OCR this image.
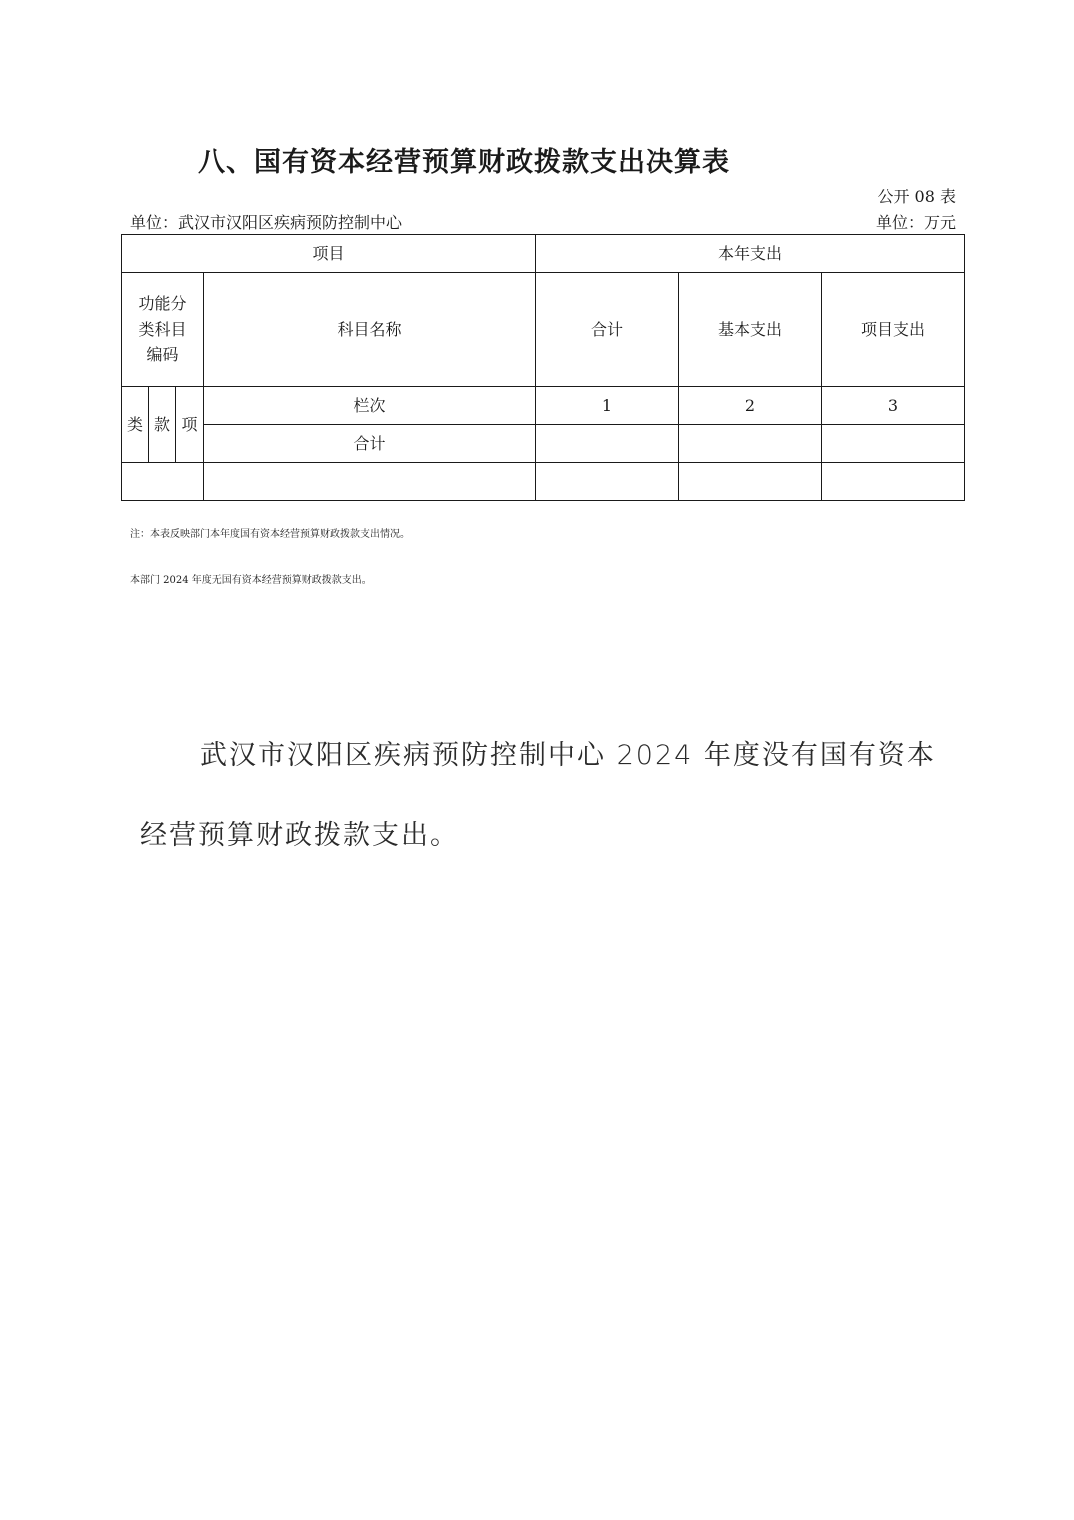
八、国有资本经营预算财政拨款支出决算表
公开 08 表
单位：武汉市汉阳区疾病预防控制中心	单位：万元
项目				本年支出		

功能分类科目编码			科目名称	合计	基本支出	项目支出
类	款	项	栏次	1	2	3
			合计			

注：本表反映部门本年度国有资本经营预算财政拨款支出情况。
本部门 2024 年度无国有资本经营预算财政拨款支出。
武汉市汉阳区疾病预防控制中心 2024 年度没有国有资本经营预算财政拨款支出。
